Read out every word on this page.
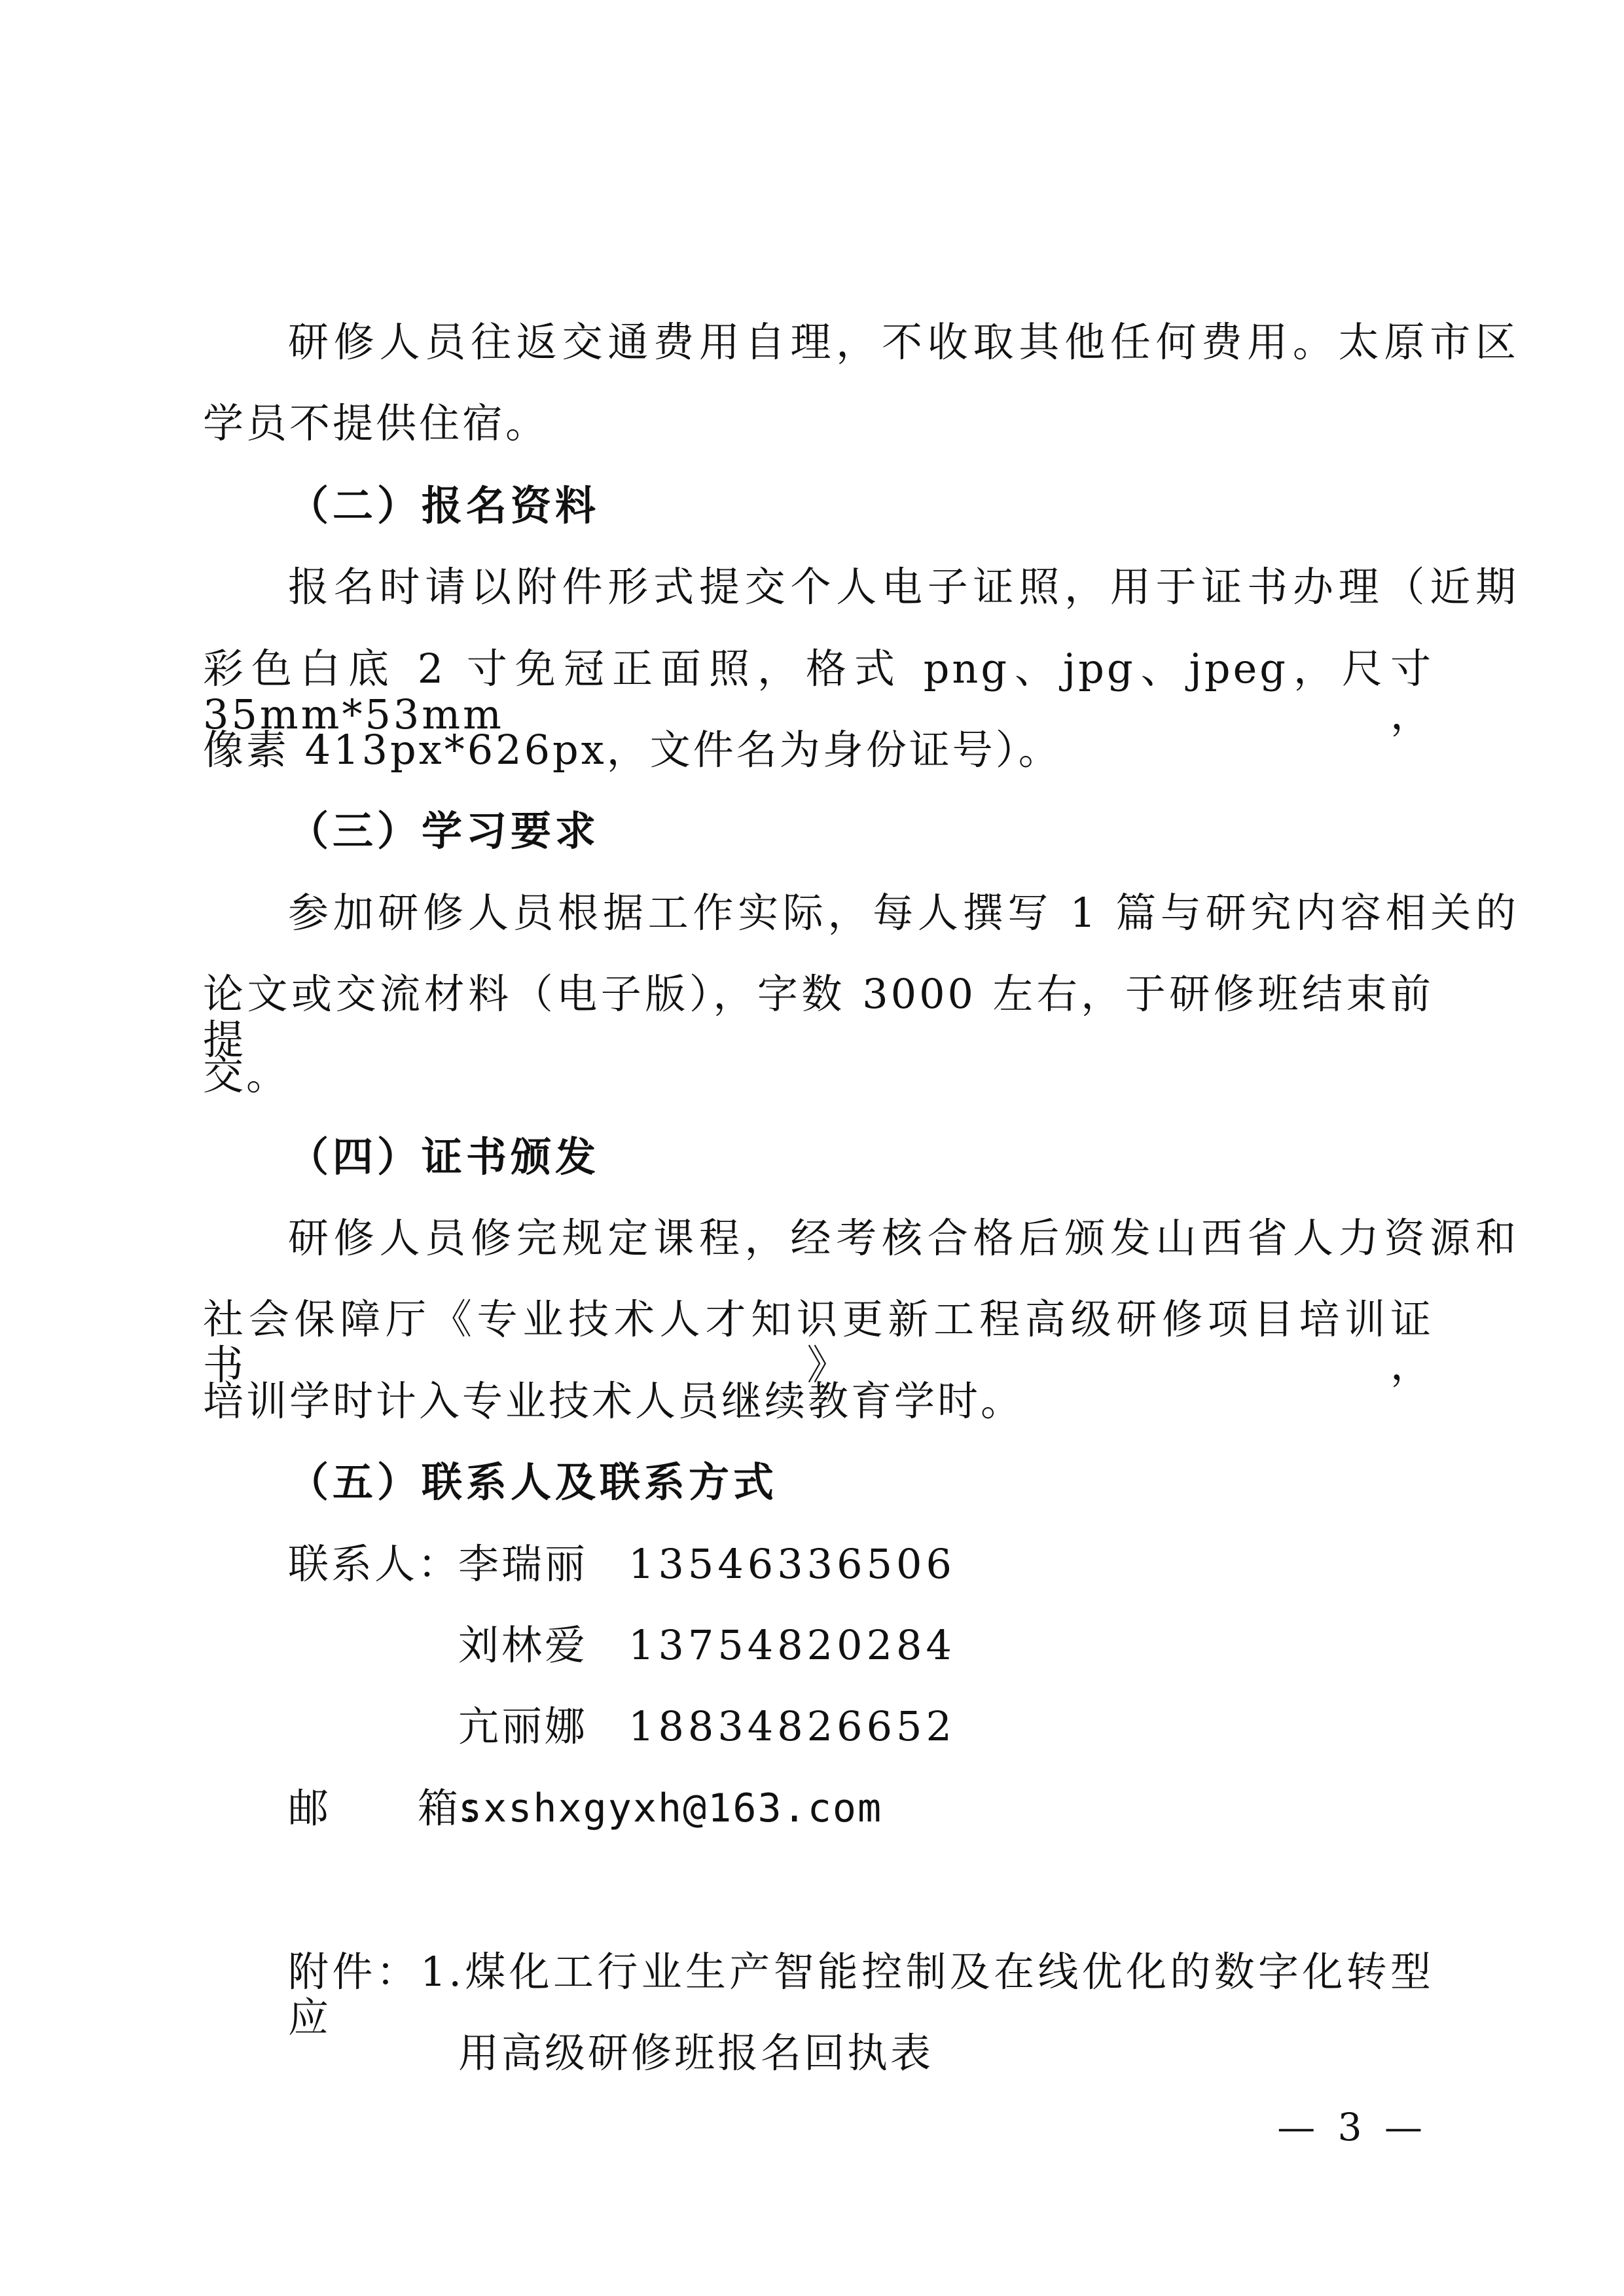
研修人员往返交通费用自理，不收取其他任何费用。太原市区
学员不提供住宿。
（二）报名资料
报名时请以附件形式提交个人电子证照，用于证书办理（近期
彩色白底 2 寸免冠正面照，格式 png、jpg、jpeg，尺寸 35mm*53mm，
像素 413px*626px，文件名为身份证号）。
（三）学习要求
参加研修人员根据工作实际，每人撰写 1 篇与研究内容相关的
论文或交流材料（电子版），字数 3000 左右，于研修班结束前提
交。
（四）证书颁发
研修人员修完规定课程，经考核合格后颁发山西省人力资源和
社会保障厅《专业技术人才知识更新工程高级研修项目培训证书》，
培训学时计入专业技术人员继续教育学时。
（五）联系人及联系方式
联系人：
李瑞丽 13546336506
刘林爱 13754820284
亢丽娜 18834826652
邮　　箱：
sxshxgyxh@163.com
附件：1.煤化工行业生产智能控制及在线优化的数字化转型应
用高级研修班报名回执表
— 3 —
